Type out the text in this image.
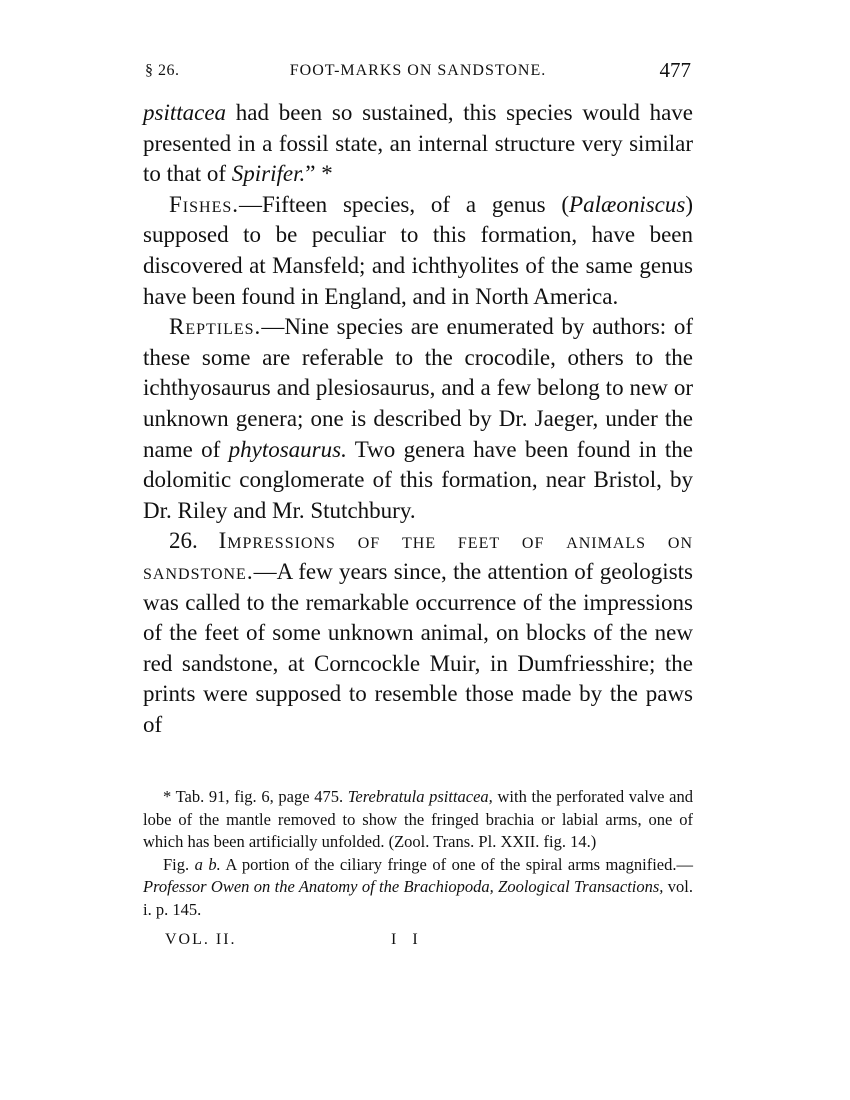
§ 26.	FOOT-MARKS ON SANDSTONE.	477

psittacea had been so sustained, this species would have presented in a fossil state, an internal structure very similar to that of Spirifer.” *

Fishes.—Fifteen species, of a genus (Palæoniscus) supposed to be peculiar to this formation, have been discovered at Mansfeld; and ichthyolites of the same genus have been found in England, and in North America.

Reptiles.—Nine species are enumerated by authors: of these some are referable to the crocodile, others to the ichthyosaurus and plesiosaurus, and a few belong to new or unknown genera; one is described by Dr. Jaeger, under the name of phytosaurus. Two genera have been found in the dolomitic conglomerate of this formation, near Bristol, by Dr. Riley and Mr. Stutchbury.

26. Impressions of the feet of animals on sandstone.—A few years since, the attention of geologists was called to the remarkable occurrence of the impressions of the feet of some unknown animal, on blocks of the new red sandstone, at Corncockle Muir, in Dumfriesshire; the prints were supposed to resemble those made by the paws of

* Tab. 91, fig. 6, page 475. Terebratula psittacea, with the perforated valve and lobe of the mantle removed to show the fringed brachia or labial arms, one of which has been artificially unfolded. (Zool. Trans. Pl. XXII. fig. 14.)

Fig. a b. A portion of the ciliary fringe of one of the spiral arms magnified.—Professor Owen on the Anatomy of the Brachiopoda, Zoological Transactions, vol. i. p. 145.

VOL. II.	I I
